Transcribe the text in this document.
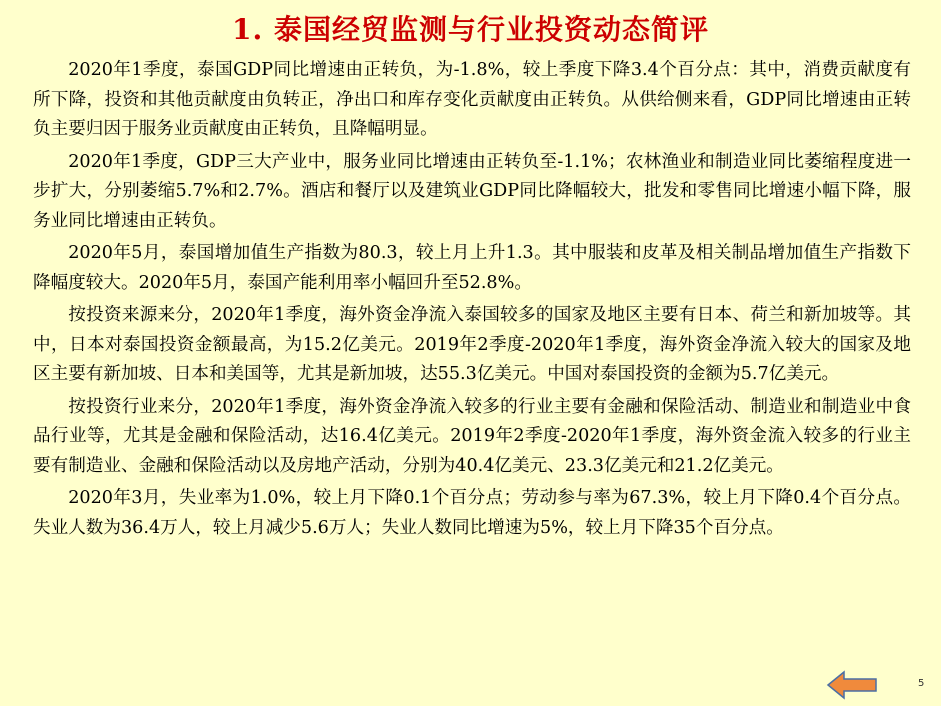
1. 泰国经贸监测与行业投资动态简评

2020年1季度，泰国GDP同比增速由正转负，为-1.8%，较上季度下降3.4个百分点：其中，消费贡献度有所下降，投资和其他贡献度由负转正，净出口和库存变化贡献度由正转负。从供给侧来看，GDP同比增速由正转负主要归因于服务业贡献度由正转负，且降幅明显。

2020年1季度，GDP三大产业中，服务业同比增速由正转负至-1.1%；农林渔业和制造业同比萎缩程度进一步扩大，分别萎缩5.7%和2.7%。酒店和餐厅以及建筑业GDP同比降幅较大，批发和零售同比增速小幅下降，服务业同比增速由正转负。

2020年5月，泰国增加值生产指数为80.3，较上月上升1.3。其中服装和皮革及相关制品增加值生产指数下降幅度较大。2020年5月，泰国产能利用率小幅回升至52.8%。

按投资来源来分，2020年1季度，海外资金净流入泰国较多的国家及地区主要有日本、荷兰和新加坡等。其中，日本对泰国投资金额最高，为15.2亿美元。2019年2季度-2020年1季度，海外资金净流入较大的国家及地区主要有新加坡、日本和美国等，尤其是新加坡，达55.3亿美元。中国对泰国投资的金额为5.7亿美元。

按投资行业来分，2020年1季度，海外资金净流入较多的行业主要有金融和保险活动、制造业和制造业中食品行业等，尤其是金融和保险活动，达16.4亿美元。2019年2季度-2020年1季度，海外资金流入较多的行业主要有制造业、金融和保险活动以及房地产活动，分别为40.4亿美元、23.3亿美元和21.2亿美元。

2020年3月，失业率为1.0%，较上月下降0.1个百分点；劳动参与率为67.3%，较上月下降0.4个百分点。失业人数为36.4万人，较上月减少5.6万人；失业人数同比增速为5%，较上月下降35个百分点。

5
